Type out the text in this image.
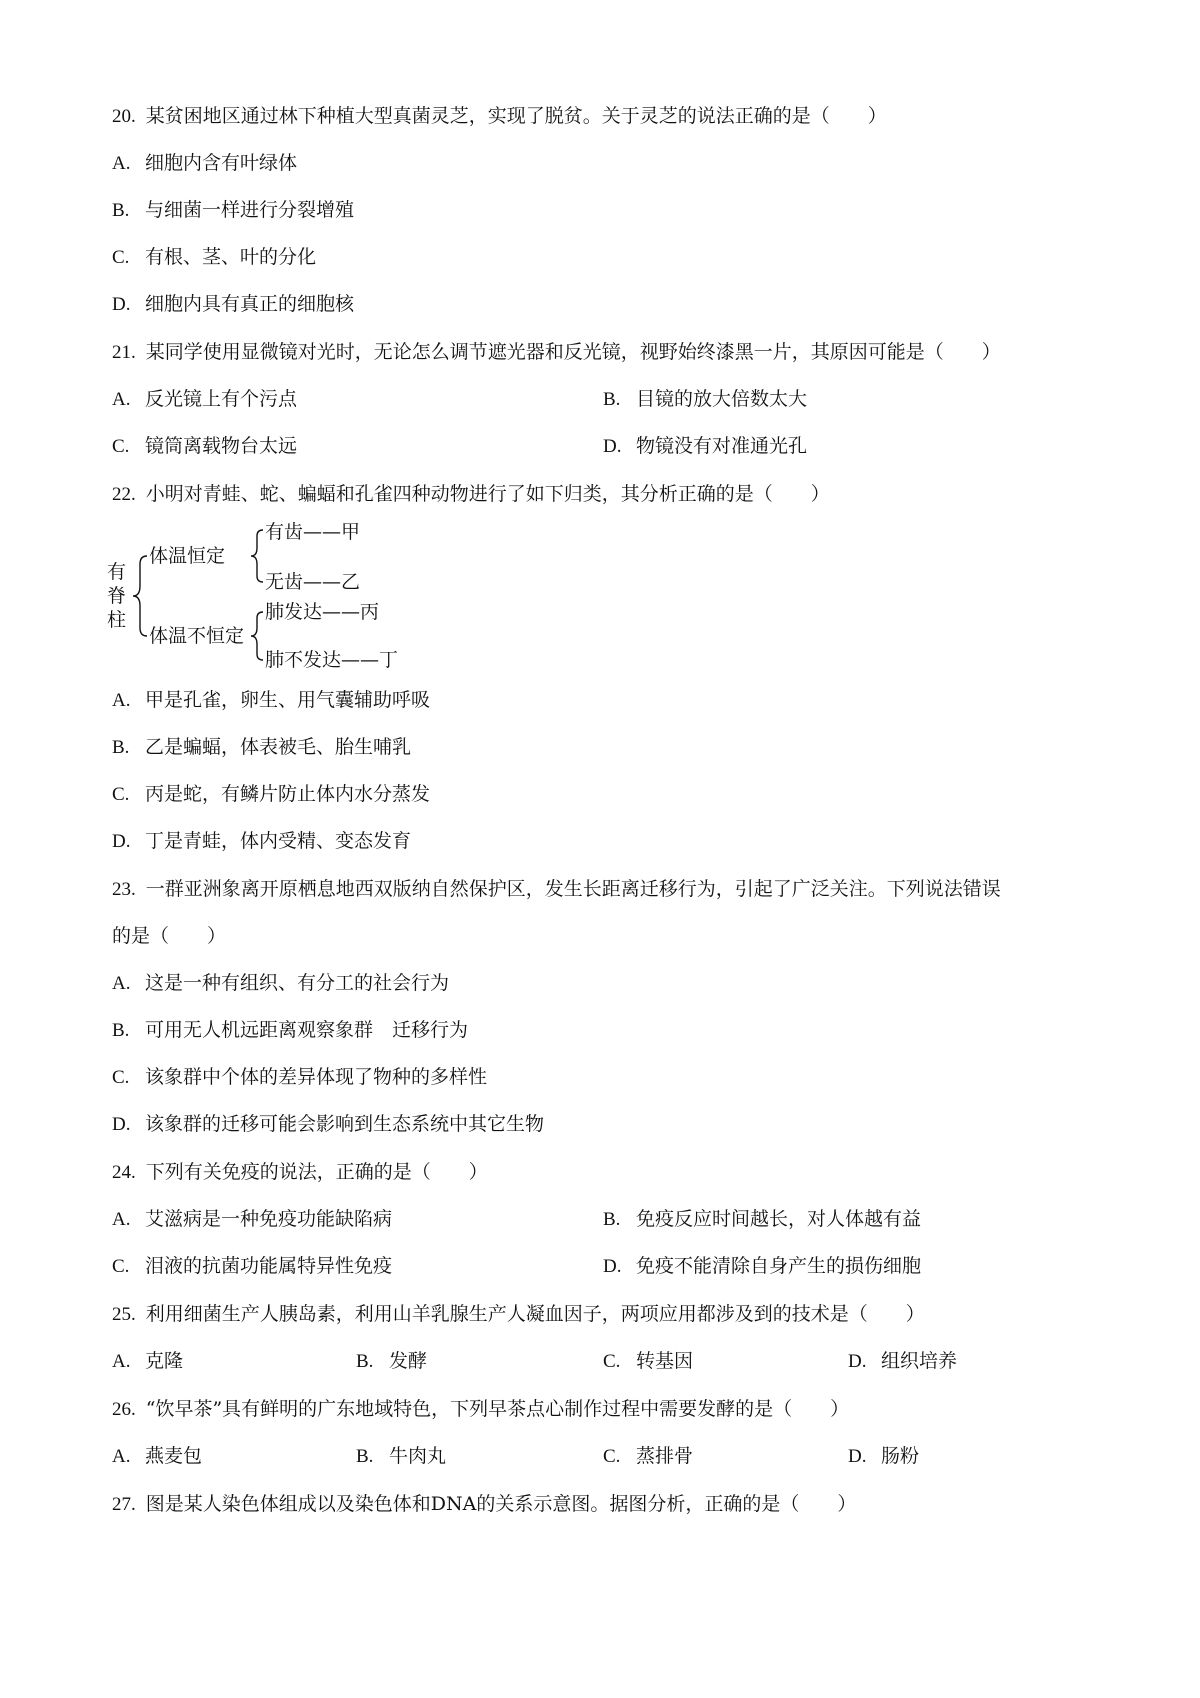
20. 某贫困地区通过林下种植大型真菌灵芝，实现了脱贫。关于灵芝的说法正确的是（　　）
A. 细胞内含有叶绿体
B. 与细菌一样进行分裂增殖
C. 有根、茎、叶的分化
D. 细胞内具有真正的细胞核
21. 某同学使用显微镜对光时，无论怎么调节遮光器和反光镜，视野始终漆黑一片，其原因可能是（　　）
A. 反光镜上有个污点	B. 目镜的放大倍数太大
C. 镜筒离载物台太远	D. 物镜没有对准通光孔
22. 小明对青蛙、蛇、蝙蝠和孔雀四种动物进行了如下归类，其分析正确的是（　　）
有
脊
柱
体温恒定
体温不恒定
有齿——甲
无齿——乙
肺发达——丙
肺不发达——丁
A. 甲是孔雀，卵生、用气囊辅助呼吸
B. 乙是蝙蝠，体表被毛、胎生哺乳
C. 丙是蛇，有鳞片防止体内水分蒸发
D. 丁是青蛙，体内受精、变态发育
23. 一群亚洲象离开原栖息地西双版纳自然保护区，发生长距离迁移行为，引起了广泛关注。下列说法错误
的是（　　）
A. 这是一种有组织、有分工的社会行为
B. 可用无人机远距离观察象群　迁移行为
C. 该象群中个体的差异体现了物种的多样性
D. 该象群的迁移可能会影响到生态系统中其它生物
24. 下列有关免疫的说法，正确的是（　　）
A. 艾滋病是一种免疫功能缺陷病	B. 免疫反应时间越长，对人体越有益
C. 泪液的抗菌功能属特异性免疫	D. 免疫不能清除自身产生的损伤细胞
25. 利用细菌生产人胰岛素，利用山羊乳腺生产人凝血因子，两项应用都涉及到的技术是（　　）
A. 克隆	B. 发酵	C. 转基因	D. 组织培养
26. “饮早茶”具有鲜明的广东地域特色，下列早茶点心制作过程中需要发酵的是（　　）
A. 燕麦包	B. 牛肉丸	C. 蒸排骨	D. 肠粉
27. 图是某人染色体组成以及染色体和DNA的关系示意图。据图分析，正确的是（　　）
